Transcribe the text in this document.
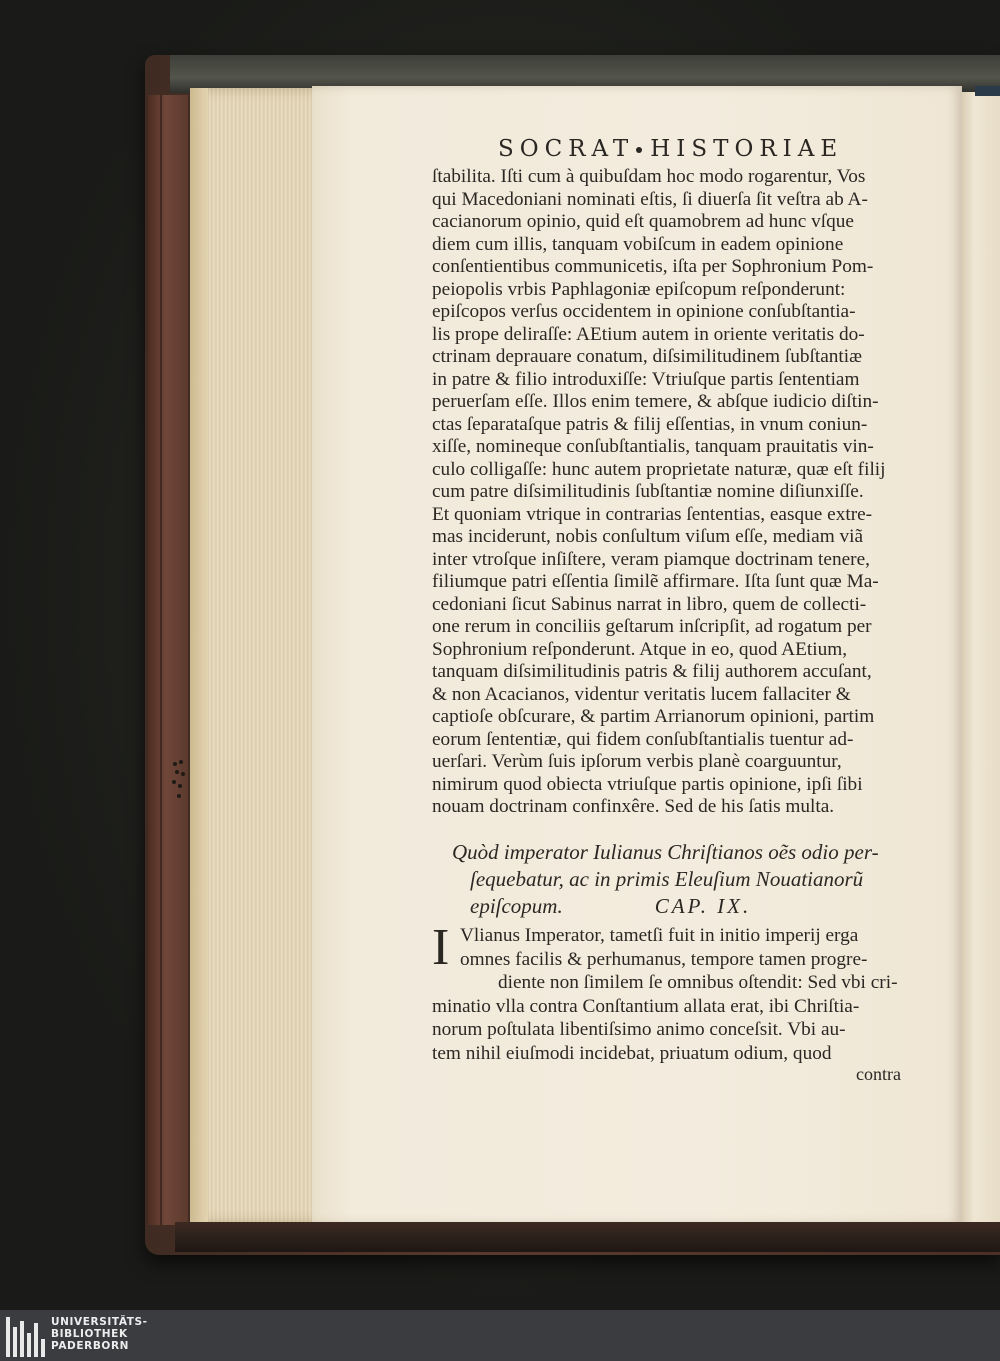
SOCRAT HISTORIAE
ſtabilita. Iſti cum à quibuſdam hoc modo rogarentur, Vos
qui Macedoniani nominati eſtis, ſi diuerſa ſit veſtra ab A-
cacianorum opinio, quid eſt quamobrem ad hunc vſque
diem cum illis, tanquam vobiſcum in eadem opinione
conſentientibus communicetis, iſta per Sophronium Pom-
peiopolis vrbis Paphlagoniæ epiſcopum reſponderunt:
epiſcopos verſus occidentem in opinione conſubſtantia-
lis prope delirаſſe: AEtium autem in oriente veritatis do-
ctrinam deprauare conatum, diſsimilitudinem ſubſtantiæ
in patre & filio introduxiſſe: Vtriuſque partis ſententiam
peruerſam eſſe. Illos enim temere, & abſque iudicio diſtin-
ctas ſeparataſque patris & filij eſſentias, in vnum coniun-
xiſſe, nomineque conſubſtantialis, tanquam prauitatis vin-
culo colligaſſe: hunc autem proprietate naturæ, quæ eſt filij
cum patre diſsimilitudinis ſubſtantiæ nomine diſiunxiſſe.
Et quoniam vtrique in contrarias ſententias, easque extre-
mas inciderunt, nobis conſultum viſum eſſe, mediam viã
inter vtroſque inſiſtere, veram piamque doctrinam tenere,
filiumque patri eſſentia ſimilẽ affirmare. Iſta ſunt quæ Ma-
cedoniani ſicut Sabinus narrat in libro, quem de collecti-
one rerum in conciliis geſtarum inſcripſit, ad rogatum per
Sophronium reſponderunt. Atque in eo, quod AEtium,
tanquam diſsimilitudinis patris & filij authorem accuſant,
& non Acacianos, videntur veritatis lucem fallaciter &
captioſe obſcurare, & partim Arrianorum opinioni, partim
eorum ſententiæ, qui fidem conſubſtantialis tuentur ad-
uerſari. Verùm ſuis ipſorum verbis planè coarguuntur,
nimirum quod obiecta vtriuſque partis opinione, ipſi ſibi
nouam doctrinam confinxêre. Sed de his ſatis multa.
Quòd imperator Iulianus Chriſtianos oẽs odio per-
ſequebatur, ac in primis Eleuſium Nouatianorũ
epiſcopum.	CAP. IX.
I Vlianus Imperator, tametſi fuit in initio imperij erga
omnes facilis & perhumanus, tempore tamen progre-
diente non ſimilem ſe omnibus oſtendit: Sed vbi cri-
minatio vlla contra Conſtantium allata erat, ibi Chriſtia-
norum poſtulata libentiſsimo animo conceſsit. Vbi au-
tem nihil eiuſmodi incidebat, priuatum odium, quod
contra
UNIVERSITÄTS-
BIBLIOTHEK
PADERBORN
